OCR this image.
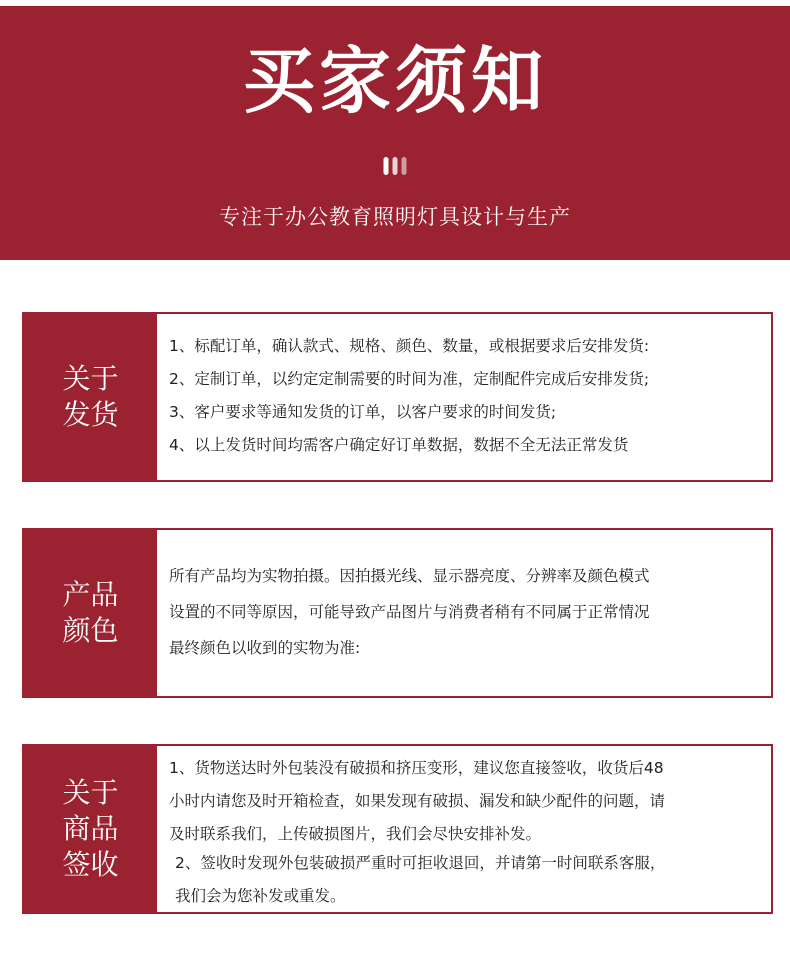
买家须知
专注于办公教育照明灯具设计与生产
关于
发货
1、标配订单，确认款式、规格、颜色、数量，或根据要求后安排发货:
2、定制订单，以约定定制需要的时间为准，定制配件完成后安排发货;
3、客户要求等通知发货的订单，以客户要求的时间发货;
4、以上发货时间均需客户确定好订单数据，数据不全无法正常发货
产品
颜色
所有产品均为实物拍摄。因拍摄光线、显示器亮度、分辨率及颜色模式
设置的不同等原因，可能导致产品图片与消费者稍有不同属于正常情况
最终颜色以收到的实物为准:
关于
商品
签收
1、货物送达时外包装没有破损和挤压变形，建议您直接签收，收货后48
小时内请您及时开箱检查，如果发现有破损、漏发和缺少配件的问题，请
及时联系我们，上传破损图片，我们会尽快安排补发。
2、签收时发现外包装破损严重时可拒收退回，并请第一时间联系客服，
我们会为您补发或重发。
